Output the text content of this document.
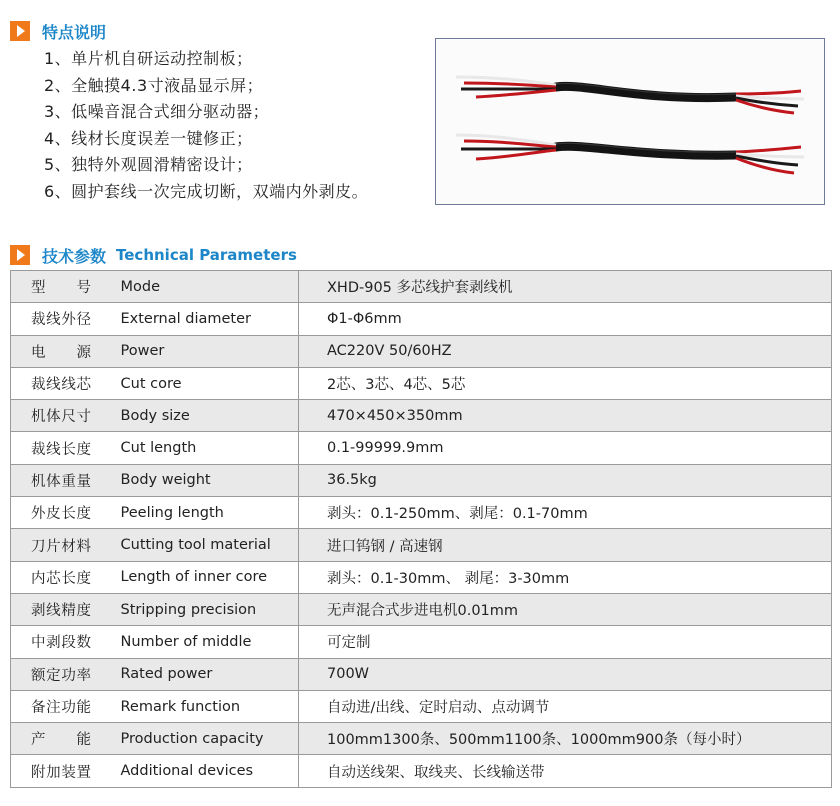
特点说明
1、单片机自研运动控制板；
2、全触摸4.3寸液晶显示屏；
3、低噪音混合式细分驱动器；
4、线材长度误差一键修正；
5、独特外观圆滑精密设计；
6、圆护套线一次完成切断，双端内外剥皮。
技术参数 Technical Parameters
型　号	Mode	XHD-905 多芯线护套剥线机
裁线外径	External diameter	Φ1-Φ6mm
电　源	Power	AC220V 50/60HZ
裁线线芯	Cut core	2芯、3芯、4芯、5芯
机体尺寸	Body size	470×450×350mm
裁线长度	Cut length	0.1-99999.9mm
机体重量	Body weight	36.5kg
外皮长度	Peeling length	剥头：0.1-250mm、剥尾：0.1-70mm
刀片材料	Cutting tool material	进口钨钢 / 高速钢
内芯长度	Length of inner core	剥头：0.1-30mm、 剥尾：3-30mm
剥线精度	Stripping precision	无声混合式步进电机0.01mm
中剥段数	Number of middle	可定制
额定功率	Rated power	700W
备注功能	Remark function	自动进/出线、定时启动、点动调节
产　能	Production capacity	100mm1300条、500mm1100条、1000mm900条（每小时）
附加装置	Additional devices	自动送线架、取线夹、长线输送带
